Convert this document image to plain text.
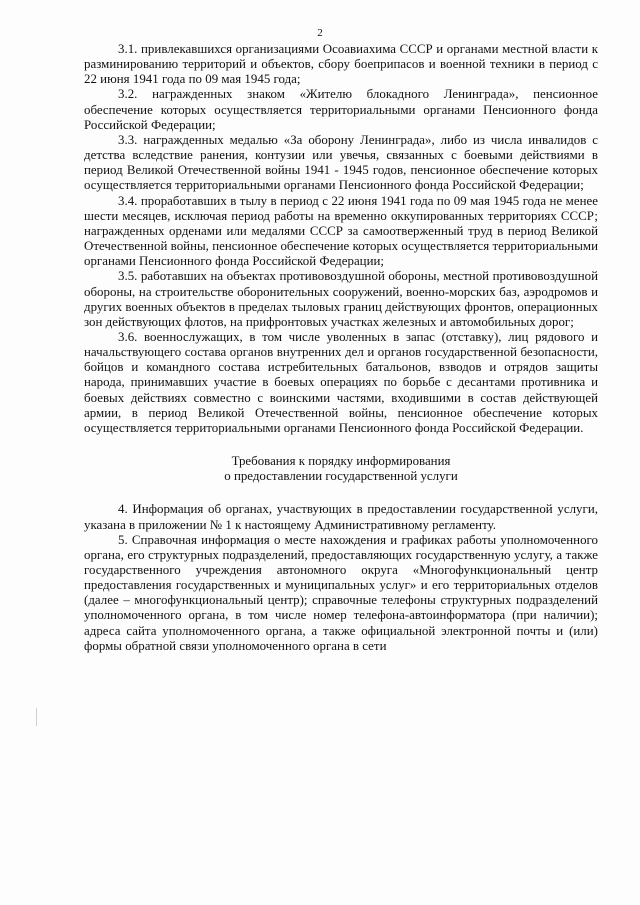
2

3.1. привлекавшихся организациями Осоавиахима СССР и органами местной власти к разминированию территорий и объектов, сбору боеприпасов и военной техники в период с 22 июня 1941 года по 09 мая 1945 года;

3.2. награжденных знаком «Жителю блокадного Ленинграда», пенсионное обеспечение которых осуществляется территориальными органами Пенсионного фонда Российской Федерации;

3.3. награжденных медалью «За оборону Ленинграда», либо из числа инвалидов с детства вследствие ранения, контузии или увечья, связанных с боевыми действиями в период Великой Отечественной войны 1941 - 1945 годов, пенсионное обеспечение которых осуществляется территориальными органами Пенсионного фонда Российской Федерации;

3.4. проработавших в тылу в период с 22 июня 1941 года по 09 мая 1945 года не менее шести месяцев, исключая период работы на временно оккупированных территориях СССР; награжденных орденами или медалями СССР за самоотверженный труд в период Великой Отечественной войны, пенсионное обеспечение которых осуществляется территориальными органами Пенсионного фонда Российской Федерации;

3.5. работавших на объектах противовоздушной обороны, местной противовоздушной обороны, на строительстве оборонительных сооружений, военно-морских баз, аэродромов и других военных объектов в пределах тыловых границ действующих фронтов, операционных зон действующих флотов, на прифронтовых участках железных и автомобильных дорог;

3.6. военнослужащих, в том числе уволенных в запас (отставку), лиц рядового и начальствующего состава органов внутренних дел и органов государственной безопасности, бойцов и командного состава истребительных батальонов, взводов и отрядов защиты народа, принимавших участие в боевых операциях по борьбе с десантами противника и боевых действиях совместно с воинскими частями, входившими в состав действующей армии, в период Великой Отечественной войны, пенсионное обеспечение которых осуществляется территориальными органами Пенсионного фонда Российской Федерации.

Требования к порядку информирования
о предоставлении государственной услуги

4. Информация об органах, участвующих в предоставлении государственной услуги, указана в приложении № 1 к настоящему Административному регламенту.

5. Справочная информация о месте нахождения и графиках работы уполномоченного органа, его структурных подразделений, предоставляющих государственную услугу, а также государственного учреждения автономного округа «Многофункциональный центр предоставления государственных и муниципальных услуг» и его территориальных отделов (далее – многофункциональный центр); справочные телефоны структурных подразделений уполномоченного органа, в том числе номер телефона-автоинформатора (при наличии); адреса сайта уполномоченного органа, а также официальной электронной почты и (или) формы обратной связи уполномоченного органа в сети
